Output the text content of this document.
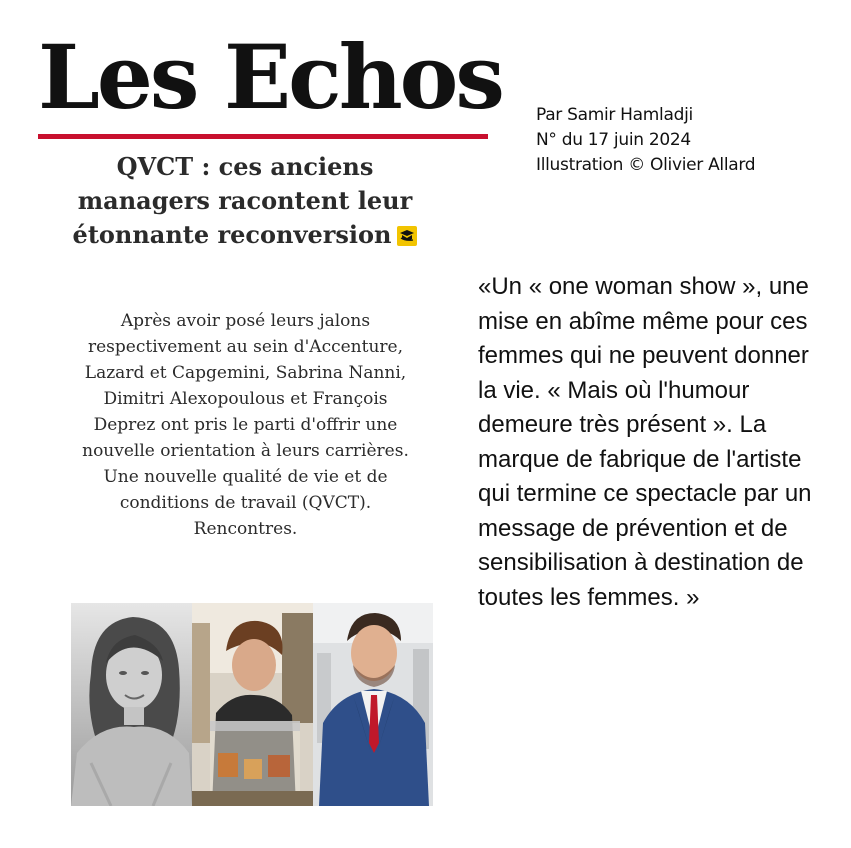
Les Echos Par Samir Hamladji
N° du 17 juin 2024
Illustration © Olivier Allard
QVCT : ces anciens managers racontent leur étonnante reconversion

Après avoir posé leurs jalons respectivement au sein d'Accenture, Lazard et Capgemini, Sabrina Nanni, Dimitri Alexopoulous et François Deprez ont pris le parti d'offrir une nouvelle orientation à leurs carrières. Une nouvelle qualité de vie et de conditions de travail (QVCT). Rencontres.

«Un « one woman show », une mise en abîme même pour ces femmes qui ne peuvent donner la vie. « Mais où l'humour demeure très présent ». La marque de fabrique de l'artiste qui termine ce spectacle par un message de prévention et de sensibilisation à destination de toutes les femmes. »
